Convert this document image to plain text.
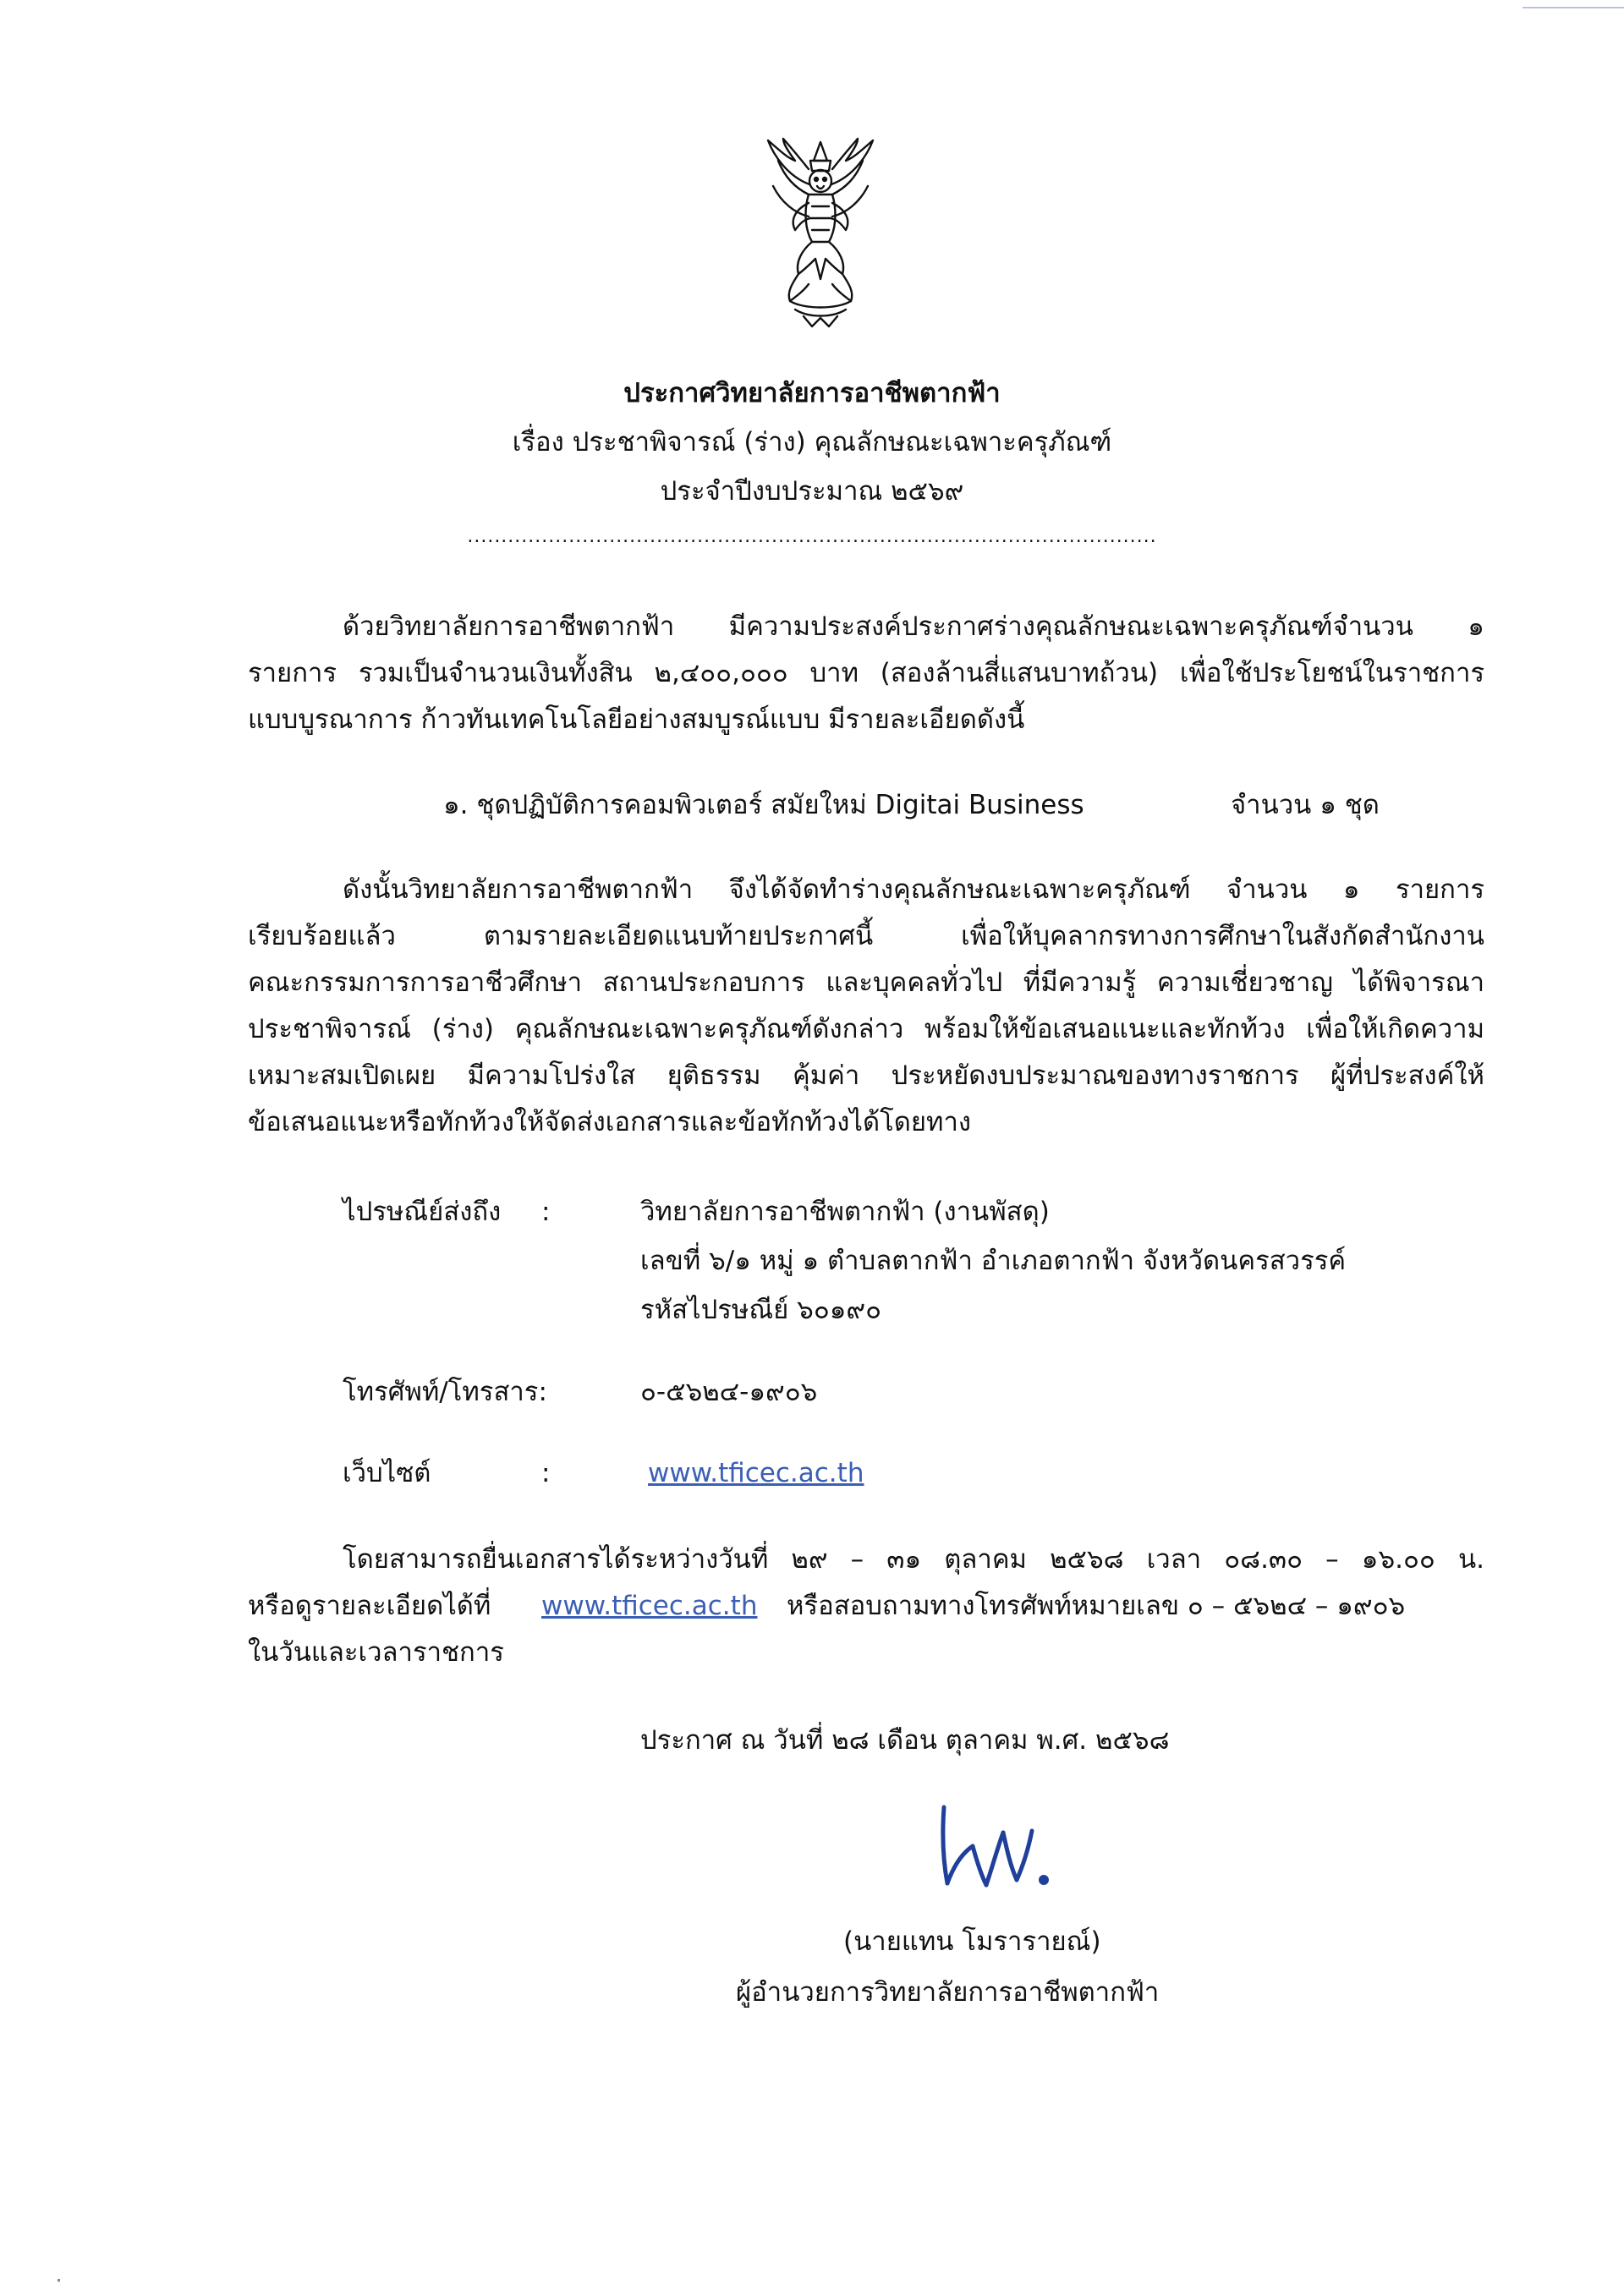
ประกาศวิทยาลัยการอาชีพตากฟ้า
เรื่อง ประชาพิจารณ์ (ร่าง) คุณลักษณะเฉพาะครุภัณฑ์
ประจำปีงบประมาณ ๒๕๖๙
......................................................................................................
ด้วยวิทยาลัยการอาชีพตากฟ้า มีความประสงค์ประกาศร่างคุณลักษณะเฉพาะครุภัณฑ์จำนวน ๑
รายการ รวมเป็นจำนวนเงินทั้งสิน ๒,๔๐๐,๐๐๐ บาท (สองล้านสี่แสนบาทถ้วน) เพื่อใช้ประโยชน์ในราชการ
แบบบูรณาการ ก้าวทันเทคโนโลยีอย่างสมบูรณ์แบบ มีรายละเอียดดังนี้
๑. ชุดปฏิบัติการคอมพิวเตอร์ สมัยใหม่ Digitai Business	จำนวน ๑ ชุด
ดังนั้นวิทยาลัยการอาชีพตากฟ้า จึงได้จัดทำร่างคุณลักษณะเฉพาะครุภัณฑ์ จำนวน ๑ รายการ
เรียบร้อยแล้ว ตามรายละเอียดแนบท้ายประกาศนี้ เพื่อให้บุคลากรทางการศึกษาในสังกัดสำนักงาน
คณะกรรมการการอาชีวศึกษา สถานประกอบการ และบุคคลทั่วไป ที่มีความรู้ ความเชี่ยวชาญ ได้พิจารณา
ประชาพิจารณ์ (ร่าง) คุณลักษณะเฉพาะครุภัณฑ์ดังกล่าว พร้อมให้ข้อเสนอแนะและทักท้วง เพื่อให้เกิดความ
เหมาะสมเปิดเผย มีความโปร่งใส ยุติธรรม คุ้มค่า ประหยัดงบประมาณของทางราชการ ผู้ที่ประสงค์ให้
ข้อเสนอแนะหรือทักท้วงให้จัดส่งเอกสารและข้อทักท้วงได้โดยทาง
ไปรษณีย์ส่งถึง :	วิทยาลัยการอาชีพตากฟ้า (งานพัสดุ)
เลขที่ ๖/๑ หมู่ ๑ ตำบลตากฟ้า อำเภอตากฟ้า จังหวัดนครสวรรค์
รหัสไปรษณีย์ ๖๐๑๙๐
โทรศัพท์/โทรสาร:	๐-๕๖๒๔-๑๙๐๖
เว็บไซต์	:	www.tficec.ac.th
โดยสามารถยื่นเอกสารได้ระหว่างวันที่ ๒๙ – ๓๑ ตุลาคม ๒๕๖๘ เวลา ๐๘.๓๐ – ๑๖.๐๐ น.
หรือดูรายละเอียดได้ที่ www.tficec.ac.th หรือสอบถามทางโทรศัพท์หมายเลข ๐ – ๕๖๒๔ – ๑๙๐๖
ในวันและเวลาราชการ
ประกาศ ณ วันที่ ๒๘ เดือน ตุลาคม พ.ศ. ๒๕๖๘
(นายแทน โมรารายณ์)
ผู้อำนวยการวิทยาลัยการอาชีพตากฟ้า
